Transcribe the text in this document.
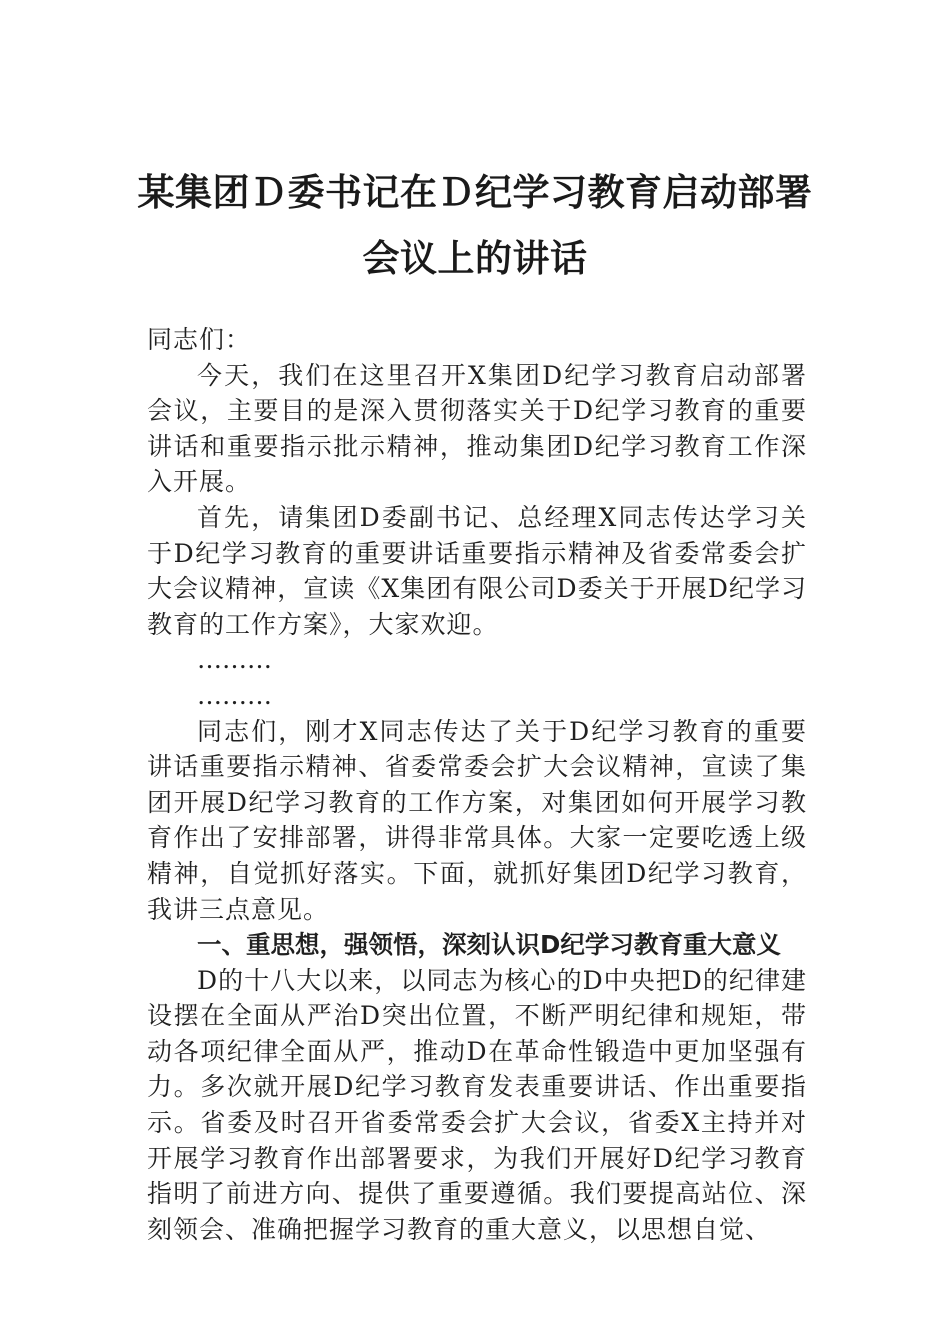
某集团Ｄ委书记在Ｄ纪学习教育启动部署
会议上的讲话

同志们：

今天，我们在这里召开X集团D纪学习教育启动部署会议，主要目的是深入贯彻落实关于D纪学习教育的重要讲话和重要指示批示精神，推动集团D纪学习教育工作深入开展。

首先，请集团D委副书记、总经理X同志传达学习关于D纪学习教育的重要讲话重要指示精神及省委常委会扩大会议精神，宣读《X集团有限公司D委关于开展D纪学习教育的工作方案》，大家欢迎。

………

………

同志们，刚才X同志传达了关于D纪学习教育的重要讲话重要指示精神、省委常委会扩大会议精神，宣读了集团开展D纪学习教育的工作方案，对集团如何开展学习教育作出了安排部署，讲得非常具体。大家一定要吃透上级精神，自觉抓好落实。下面，就抓好集团D纪学习教育，我讲三点意见。

一、重思想，强领悟，深刻认识D纪学习教育重大意义

D的十八大以来，以同志为核心的D中央把D的纪律建设摆在全面从严治D突出位置，不断严明纪律和规矩，带动各项纪律全面从严，推动D在革命性锻造中更加坚强有力。多次就开展D纪学习教育发表重要讲话、作出重要指示。省委及时召开省委常委会扩大会议，省委X主持并对开展学习教育作出部署要求，为我们开展好D纪学习教育指明了前进方向、提供了重要遵循。我们要提高站位、深刻领会、准确把握学习教育的重大意义，以思想自觉、
